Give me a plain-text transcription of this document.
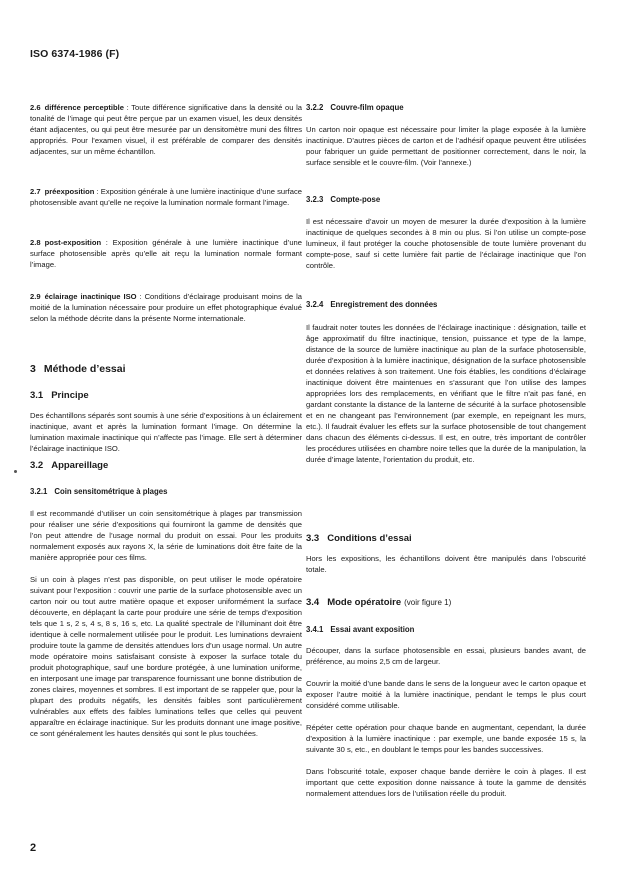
ISO 6374-1986 (F)

2.6 différence perceptible : Toute différence significative dans la densité ou la tonalité de l’image qui peut être perçue par un examen visuel, les deux densités étant adjacentes, ou qui peut être mesurée par un densitomètre muni des filtres appropriés. Pour l’examen visuel, il est préférable de comparer des densités adjacentes, sur un même échantillon.

2.7 préexposition : Exposition générale à une lumière inactinique d’une surface photosensible avant qu’elle ne reçoive la lumination normale formant l’image.

2.8 post-exposition : Exposition générale à une lumière inactinique d’une surface photosensible après qu’elle ait reçu la lumination normale formant l’image.

2.9 éclairage inactinique ISO : Conditions d’éclairage produisant moins de la moitié de la lumination nécessaire pour produire un effet photographique évalué selon la méthode décrite dans la présente Norme internationale.

3 Méthode d’essai
3.1 Principe

Des échantillons séparés sont soumis à une série d’expositions à un éclairement inactinique, avant et après la lumination formant l’image. On détermine la lumination maximale inactinique qui n’affecte pas l’image. Elle sert à déterminer l’éclairage inactinique ISO.

3.2 Appareillage
3.2.1 Coin sensitométrique à plages

Il est recommandé d’utiliser un coin sensitométrique à plages par transmission pour réaliser une série d’expositions qui fourniront la gamme de densités que l’on peut attendre de l’usage normal du produit on essai. Pour les produits normalement exposés aux rayons X, la série de luminations doit être faite de la manière appropriée pour ces films.

Si un coin à plages n’est pas disponible, on peut utiliser le mode opératoire suivant pour l’exposition : couvrir une partie de la surface photosensible avec un carton noir ou tout autre matière opaque et exposer uniformément la surface découverte, en déplaçant la carte pour produire une série de temps d’exposition tels que 1 s, 2 s, 4 s, 8 s, 16 s, etc. La qualité spectrale de l’illuminant doit être identique à celle normalement utilisée pour le produit. Les luminations devraient produire toute la gamme de densités attendues lors d’un usage normal. Un autre mode opératoire moins satisfaisant consiste à exposer la surface totale du produit photographique, sauf une bordure protégée, à une lumination uniforme, en interposant une image par transparence fournissant une bonne distribution de zones claires, moyennes et sombres. Il est important de se rappeler que, pour la plupart des produits négatifs, les densités faibles sont particulièrement vulnérables aux effets des faibles luminations telles que celles qui peuvent apparaître en éclairage inactinique. Sur les produits donnant une image positive, ce sont généralement les hautes densités qui sont le plus touchées.

3.2.2 Couvre-film opaque

Un carton noir opaque est nécessaire pour limiter la plage exposée à la lumière inactinique. D’autres pièces de carton et de l’adhésif opaque peuvent être utilisées pour fabriquer un guide permettant de positionner correctement, dans le noir, la surface sensible et le couvre-film. (Voir l’annexe.)

3.2.3 Compte-pose

Il est nécessaire d’avoir un moyen de mesurer la durée d’exposition à la lumière inactinique de quelques secondes à 8 min ou plus. Si l’on utilise un compte-pose lumineux, il faut protéger la couche photosensible de toute lumière provenant du compte-pose, sauf si cette lumière fait partie de l’éclairage inactinique que l’on contrôle.

3.2.4 Enregistrement des données

Il faudrait noter toutes les données de l’éclairage inactinique : désignation, taille et âge approximatif du filtre inactinique, tension, puissance et type de la lampe, distance de la source de lumière inactinique au plan de la surface photosensible, durée d’exposition à la lumière inactinique, désignation de la surface photosensible et données relatives à son traitement. Une fois établies, les conditions d’éclairage inactinique doivent être maintenues en s’assurant que l’on utilise des lampes appropriées lors des remplacements, en vérifiant que le filtre n’ait pas fané, en gardant constante la distance de la lanterne de sécurité à la surface photosensible et en ne changeant pas l’environnement (par exemple, en repeignant les murs, etc.). Il faudrait évaluer les effets sur la surface photosensible de tout changement dans chacun des éléments ci-dessus. Il est, en outre, très important de contrôler les procédures utilisées en chambre noire telles que la durée de la manipulation, la durée d’image latente, l’orientation du produit, etc.

3.3 Conditions d’essai

Hors les expositions, les échantillons doivent être manipulés dans l’obscurité totale.

3.4 Mode opératoire (voir figure 1)
3.4.1 Essai avant exposition

Découper, dans la surface photosensible en essai, plusieurs bandes avant, de préférence, au moins 2,5 cm de largeur.

Couvrir la moitié d’une bande dans le sens de la longueur avec le carton opaque et exposer l’autre moitié à la lumière inactinique, pendant le temps le plus court considéré comme utilisable.

Répéter cette opération pour chaque bande en augmentant, cependant, la durée d’exposition à la lumière inactinique : par exemple, une bande exposée 15 s, la suivante 30 s, etc., en doublant le temps pour les bandes successives.

Dans l’obscurité totale, exposer chaque bande derrière le coin à plages. Il est important que cette exposition donne naissance à toute la gamme de densités normalement attendues lors de l’utilisation réelle du produit.

2
